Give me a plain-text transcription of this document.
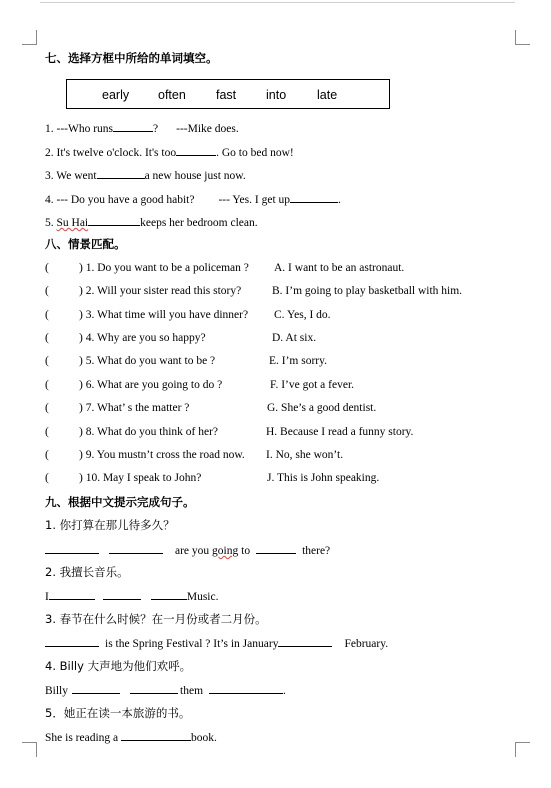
七、选择方框中所给的单词填空。
early often fast into late
1. ---Who runs	? ---Mike does.
2. It's twelve o'clock. It's too	. Go to bed now!
3. We went	a new house just now.
4. --- Do you have a good habit? --- Yes. I get up	.
5. Su Hai	keeps her bedroom clean.
八、情景匹配。
(	) 1. Do you want to be a policeman ? A. I want to be an astronaut.
(	) 2. Will your sister read this story?	B. I’m going to play basketball with him.
(	) 3. What time will you have dinner? C. Yes, I do.
(	) 4. Why are you so happy?	D. At six.
(	) 5. What do you want to be ?	E. I’m sorry.
(	) 6. What are you going to do ?	F. I’ve got a fever.
(	) 7. What’ s the matter ?	G. She’s a good dentist.
(	) 8. What do you think of her?	H. Because I read a funny story.
(	) 9. You mustn’t cross the road now. I. No, she won’t.
(	) 10. May I speak to John?	J. This is John speaking.
九、根据中文提示完成句子。
1. 你打算在那儿待多久？
are you going to	there?
2. 我擅长音乐。
I	Music.
3. 春节在什么时候？在一月份或者二月份。
is the Spring Festival ? It’s in January	February.
4. Billy 大声地为他们欢呼。
Billy	them	.
5．她正在读一本旅游的书。
She is reading a	book.
